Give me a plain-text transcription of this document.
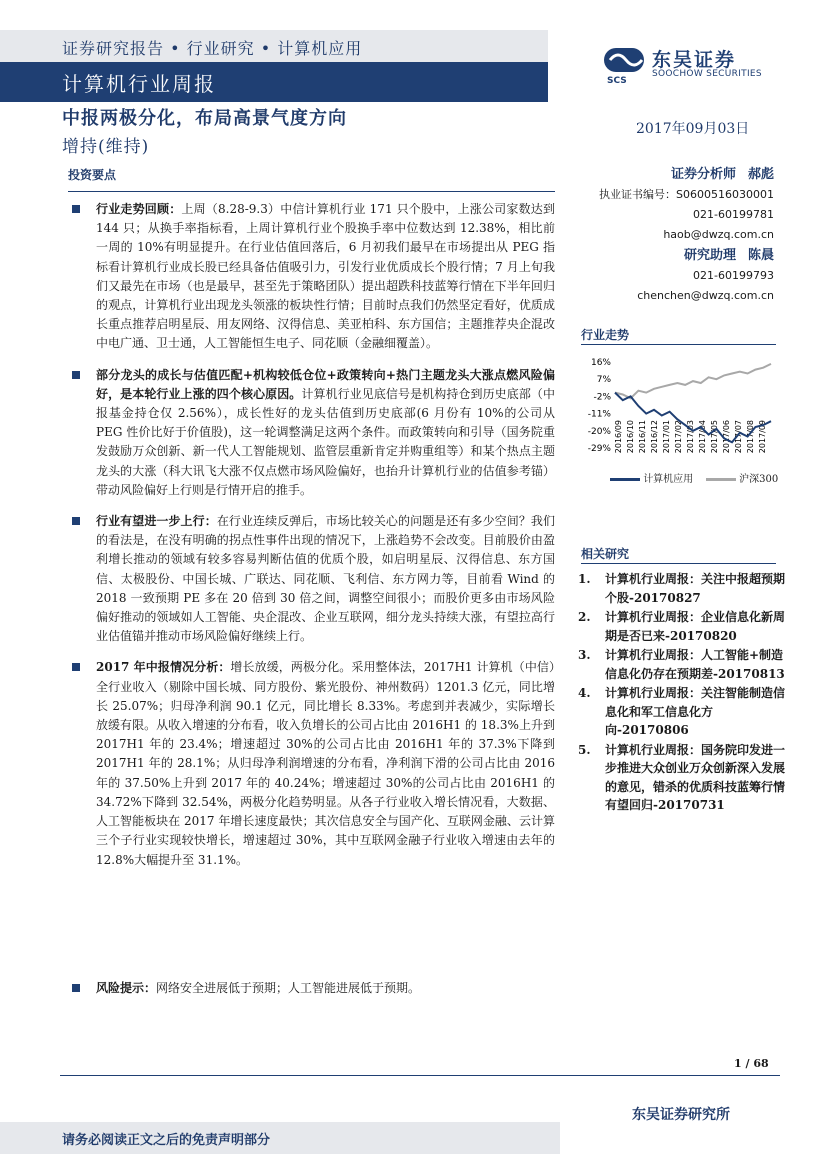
证券研究报告 • 行业研究 • 计算机应用
计算机行业周报	SCS
东吴证券
SOOCHOW SECURITIES
中报两极分化，布局高景气度方向
增持(维持)
2017年09月03日
投资要点
行业走势回顾：上周（8.28-9.3）中信计算机行业 171 只个股中，上涨公司家数达到 144 只；从换手率指标看，上周计算机行业个股换手率中位数达到 12.38%，相比前一周的 10%有明显提升。在行业估值回落后，6 月初我们最早在市场提出从 PEG 指标看计算机行业成长股已经具备估值吸引力，引发行业优质成长个股行情；7 月上旬我们又最先在市场（也是最早，甚至先于策略团队）提出超跌科技蓝筹行情在下半年回归的观点，计算机行业出现龙头领涨的板块性行情；目前时点我们仍然坚定看好，优质成长重点推荐启明星辰、用友网络、汉得信息、美亚柏科、东方国信；主题推荐央企混改中电广通、卫士通，人工智能恒生电子、同花顺（金融细覆盖）。
部分龙头的成长与估值匹配+机构较低仓位+政策转向+热门主题龙头大涨点燃风险偏好，是本轮行业上涨的四个核心原因。计算机行业见底信号是机构持仓到历史底部（中报基金持仓仅 2.56%），成长性好的龙头估值到历史底部(6 月份有 10%的公司从 PEG 性价比好于价值股)，这一轮调整满足这两个条件。而政策转向和引导（国务院重发鼓励万众创新、新一代人工智能规划、监管层重新肯定并购重组等）和某个热点主题龙头的大涨（科大讯飞大涨不仅点燃市场风险偏好，也抬升计算机行业的估值参考锚）带动风险偏好上行则是行情开启的推手。
行业有望进一步上行：在行业连续反弹后，市场比较关心的问题是还有多少空间？我们的看法是，在没有明确的拐点性事件出现的情况下，上涨趋势不会改变。目前股价由盈利增长推动的领域有较多容易判断估值的优质个股，如启明星辰、汉得信息、东方国信、太极股份、中国长城、广联达、同花顺、飞利信、东方网力等，目前看 Wind 的 2018 一致预期 PE 多在 20 倍到 30 倍之间，调整空间很小；而股价更多由市场风险偏好推动的领域如人工智能、央企混改、企业互联网，细分龙头持续大涨，有望拉高行业估值锚并推动市场风险偏好继续上行。
2017 年中报情况分析：增长放缓，两极分化。采用整体法，2017H1 计算机（中信）全行业收入（剔除中国长城、同方股份、紫光股份、神州数码）1201.3 亿元，同比增长 25.07%；归母净利润 90.1 亿元，同比增长 8.33%。考虑到并表减少，实际增长放缓有限。从收入增速的分布看，收入负增长的公司占比由 2016H1 的 18.3%上升到 2017H1 年的 23.4%；增速超过 30%的公司占比由 2016H1 年的 37.3%下降到 2017H1 年的 28.1%；从归母净利润增速的分布看，净利润下滑的公司占比由 2016 年的 37.50%上升到 2017 年的 40.24%；增速超过 30%的公司占比由 2016H1 的 34.72%下降到 32.54%，两极分化趋势明显。从各子行业收入增长情况看，大数据、人工智能板块在 2017 年增长速度最快；其次信息安全与国产化、互联网金融、云计算三个子行业实现较快增长，增速超过 30%，其中互联网金融子行业收入增速由去年的 12.8%大幅提升至 31.1%。
风险提示：网络安全进展低于预期；人工智能进展低于预期。
证券分析师  郝彪
执业证书编号：S0600516030001
021-60199781
haob@dwzq.com.cn
研究助理  陈晨
021-60199793
chenchen@dwzq.com.cn
行业走势
16%
7%
-2%
-11%
-20%
-29% 2016/09 2016/10 2016/11 2016/12 2017/01 2017/02 2017/03 2017/04 2017/05 2017/06 2017/07 2017/08 2017/09
计算机应用	沪深300
相关研究
1. 计算机行业周报：关注中报超预期个股-20170827
2. 计算机行业周报：企业信息化新周期是否已来-20170820
3. 计算机行业周报：人工智能+制造信息化仍存在预期差-20170813
4. 计算机行业周报：关注智能制造信息化和军工信息化方向-20170806
5. 计算机行业周报：国务院印发进一步推进大众创业万众创新深入发展的意见，错杀的优质科技蓝筹行情有望回归-20170731
1 / 68
东吴证券研究所
请务必阅读正文之后的免责声明部分
